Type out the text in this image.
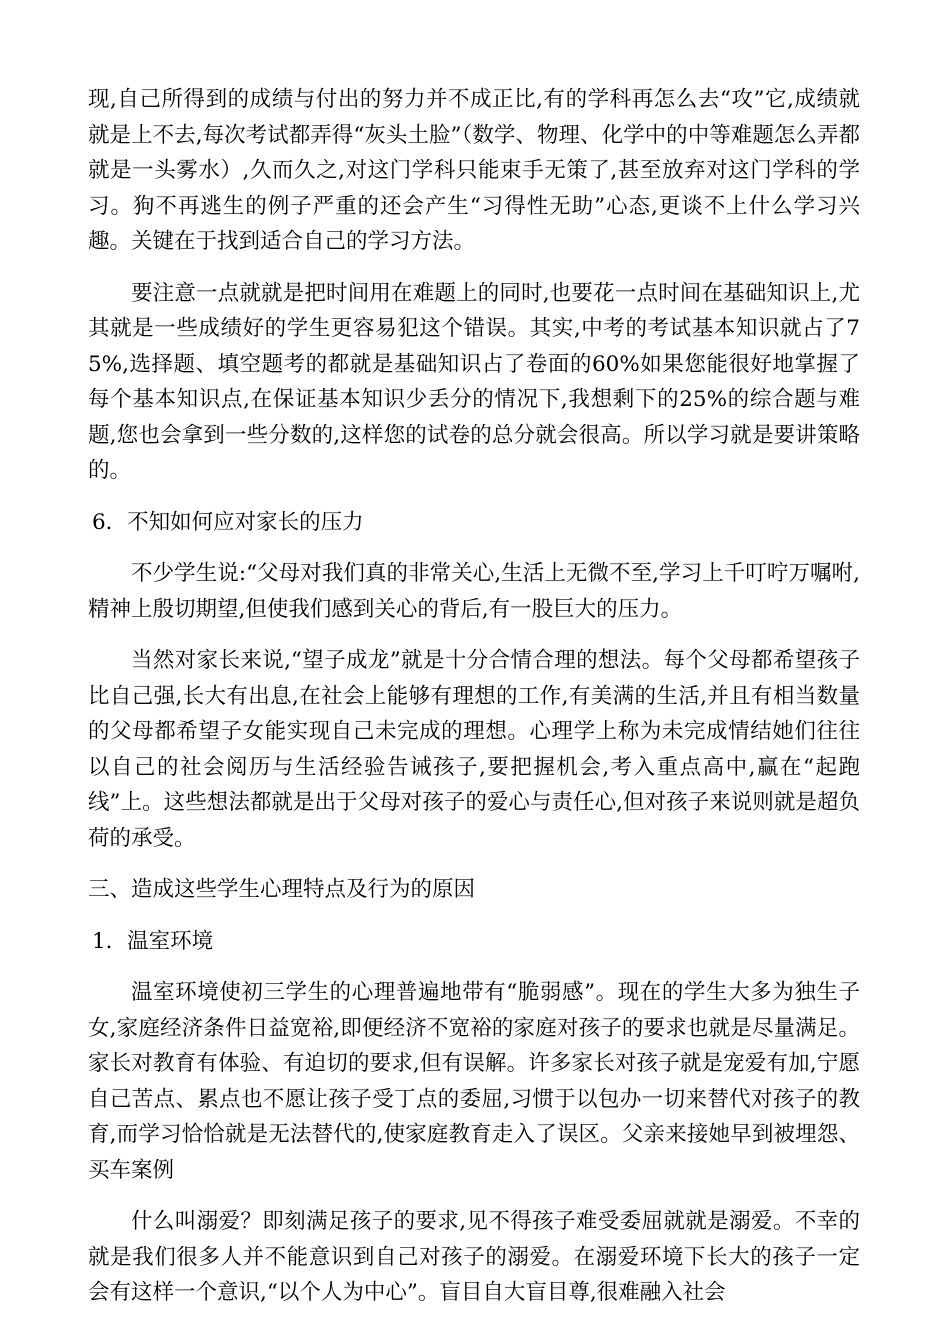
现,自己所得到的成绩与付出的努力并不成正比,有的学科再怎么去“攻”它,成绩就就是上不去,每次考试都弄得“灰头土脸”（数学、物理、化学中的中等难题怎么弄都就是一头雾水）,久而久之,对这门学科只能束手无策了,甚至放弃对这门学科的学习。狗不再逃生的例子严重的还会产生“习得性无助”心态,更谈不上什么学习兴趣。关键在于找到适合自己的学习方法。

要注意一点就就是把时间用在难题上的同时,也要花一点时间在基础知识上,尤其就是一些成绩好的学生更容易犯这个错误。其实,中考的考试基本知识就占了75%,选择题、填空题考的都就是基础知识占了卷面的60%如果您能很好地掌握了每个基本知识点,在保证基本知识少丢分的情况下,我想剩下的25%的综合题与难题,您也会拿到一些分数的,这样您的试卷的总分就会很高。所以学习就是要讲策略的。

6．不知如何应对家长的压力

不少学生说:“父母对我们真的非常关心,生活上无微不至,学习上千叮咛万嘱咐,精神上殷切期望,但使我们感到关心的背后,有一股巨大的压力。

当然对家长来说,“望子成龙”就是十分合情合理的想法。每个父母都希望孩子比自己强,长大有出息,在社会上能够有理想的工作,有美满的生活,并且有相当数量的父母都希望子女能实现自己未完成的理想。心理学上称为未完成情结她们往往以自己的社会阅历与生活经验告诫孩子,要把握机会,考入重点高中,赢在“起跑线”上。这些想法都就是出于父母对孩子的爱心与责任心,但对孩子来说则就是超负荷的承受。

三、造成这些学生心理特点及行为的原因

1．温室环境

温室环境使初三学生的心理普遍地带有“脆弱感”。现在的学生大多为独生子女,家庭经济条件日益宽裕,即便经济不宽裕的家庭对孩子的要求也就是尽量满足。家长对教育有体验、有迫切的要求,但有误解。许多家长对孩子就是宠爱有加,宁愿自己苦点、累点也不愿让孩子受丁点的委屈,习惯于以包办一切来替代对孩子的教育,而学习恰恰就是无法替代的,使家庭教育走入了误区。父亲来接她早到被埋怨、买车案例

什么叫溺爱？即刻满足孩子的要求,见不得孩子难受委屈就就是溺爱。不幸的就是我们很多人并不能意识到自己对孩子的溺爱。在溺爱环境下长大的孩子一定会有这样一个意识,“以个人为中心”。盲目自大盲目尊,很难融入社会
